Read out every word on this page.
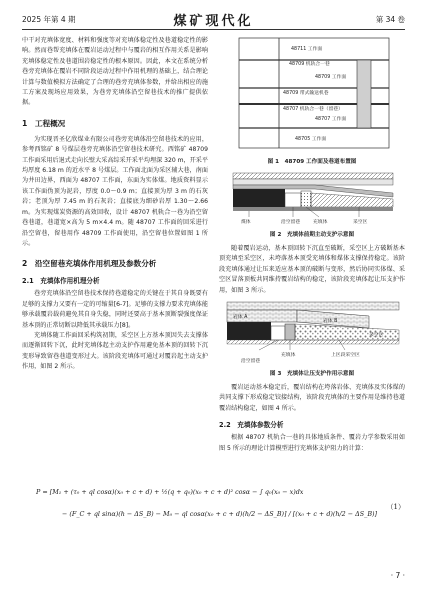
2025 年第 4 期	煤矿现代化	第 34 卷

中干对充填体宽度、材料和强度等对充填体稳定性及巷道稳定性的影响。然而巷帮充填体在覆岩运动过程中与覆岩的相互作用关系是影响充填体稳定性及巷道围岩稳定性的根本原因。因此，本文在系统分析巷旁充填体在覆岩不同阶段运动过程中作用机理的基础上，结合理论计算与数值模拟方法确定了合理的巷旁充填体参数，并给出相应的施工方案及现场应用效果，为巷旁充填体沿空留巷技术的推广提供依据。

1　工程概况

为实现晋圣亿欣煤业有限公司巷旁充填体沿空留巷技术的应用，参考西铭矿 8 号煤层巷旁充填体沿空留巷技术研究。西铭矿 48709 工作面采用后退式走向长壁大采高综采开采平均埋深 320 m，开采平均厚度 6.18 m 的近水平 8 号煤层。工作面北面为采区辅大巷，南面为井田边界，西面为 48707 工作面，东面为实体煤。地质资料显示该工作面伪顶为泥岩，厚度 0.0～0.9 m；直接顶为厚 3 m 的石灰岩；老顶为厚 7.45 m 的石灰岩；直接底为细砂岩厚 1.30～2.66 m。为实现煤炭资源的高效回收，设计 48707 机轨合一巷为沿空留巷巷道，巷道宽×高为 5 m×4.4 m。随 48707 工作面的回采进行沿空留巷，留巷用作 48709 工作面使用，沿空留巷位置如图 1 所示。

2　沿空留巷充填体作用机理及参数分析
2.1　充填体作用机理分析

巷旁充填体沿空留巷技术保持巷道稳定的关键在于其自身既要有足够的支撑力又要有一定的可缩量[6-7]。足够的支撑力要求充填体能够承载覆岩载荷避免其自身失稳，同时还要高于基本顶断裂强度保证基本顶的正常切断以降低其承载压力[8]。

充填体随工作面回采构筑初期，采空区上方基本顶因失去支撑体而逐渐回转下沉，此时充填体起主动支护作用避免基本顶的回转下沉变形导致留巷巷道变形过大。该阶段充填体可通过对覆岩起主动支护作用，如图 2 所示。

48711 工作面
48709 机轨合一巷
48709 工作面
48709 带式输送机巷
48707 机轨合一巷（留巷）
48707 工作面
48705 工作面
图 1　48709 工作面及巷道布置图
煤体	沿空留巷	充填体	采空区
图 2　充填体前期主动支护示意图

随着覆岩运动，基本顶回转下沉直至破断，采空区上方破断基本顶充填至采空区，未垮落基本顶受充填体和煤体支撑保持稳定。该阶段充填体通过让压来适应基本顶的破断与变形，然后协同实体煤、采空区冒落顶板共同维持覆岩结构的稳定，该阶段充填体起让压支护作用，如图 3 所示。

岩体 A
岩体 B
采空区
充填体	上区段采空区
沿空留巷
图 3　充填体让压支护作用示意图

覆岩运动基本稳定后，覆岩结构在垮落岩体、充填体及实体煤的共同支撑下形成稳定铰接结构，该阶段充填体的主要作用是维持巷道覆岩结构稳定，如图 4 所示。

2.2　充填体参数分析

根据 48707 机轨合一巷的具体地质条件、覆岩力学参数采用如图 5 所示的理论计算模型进行充填体支护阻力的计算：

P = [M₁ + (τ₀ + ql cosα)(x₀ + c + d) + ½(q + q₀)(x₀ + c + d)² cosα − ∫ q₀(x₀ − x)dx
− (F_C + ql sinα)(h − ΔS_B) − M₀ − ql cosα(x₀ + c + d)(h/2 − ΔS_B)] / [(x₀ + c + d)(h/2 − ΔS_B)]
（1）
· 7 ·
